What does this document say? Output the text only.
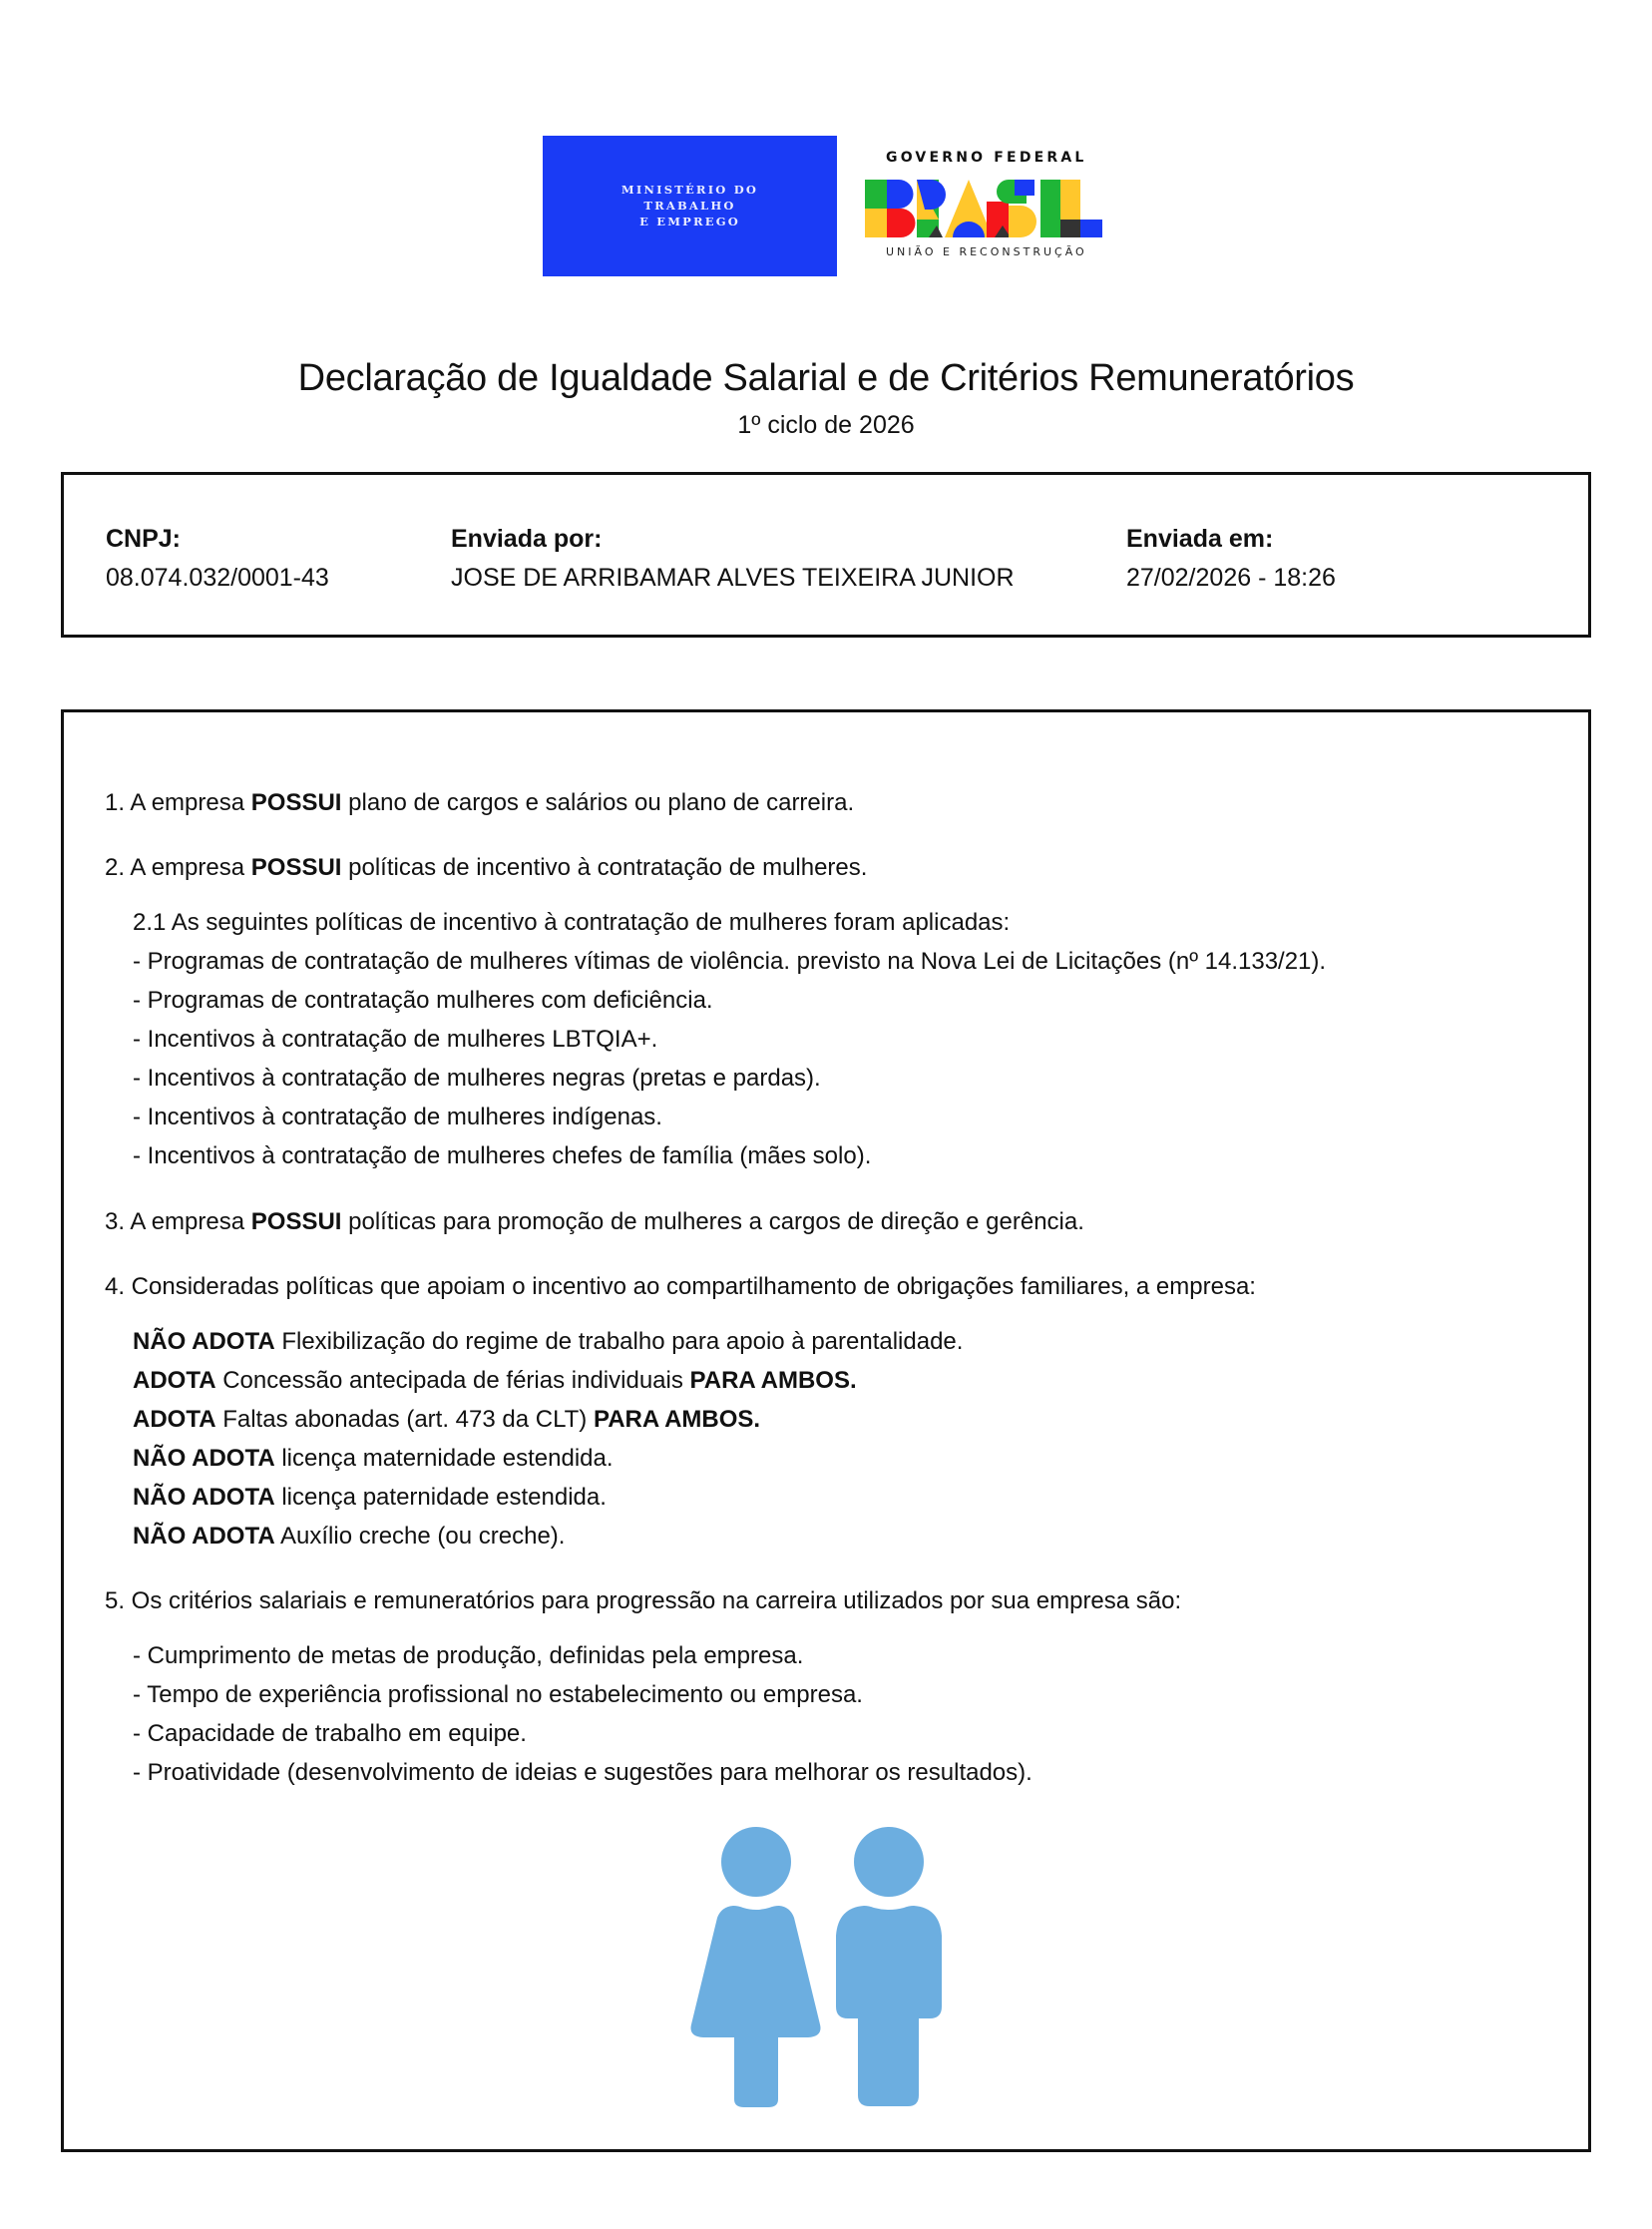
MINISTÉRIO DO
TRABALHO
E EMPREGO
GOVERNO FEDERAL
UNIÃO E RECONSTRUÇÃO
Declaração de Igualdade Salarial e de Critérios Remuneratórios
1º ciclo de 2026
CNPJ:
08.074.032/0001-43
Enviada por:
JOSE DE ARRIBAMAR ALVES TEIXEIRA JUNIOR
Enviada em:
27/02/2026 - 18:26
1. A empresa POSSUI plano de cargos e salários ou plano de carreira.
2. A empresa POSSUI políticas de incentivo à contratação de mulheres.
2.1 As seguintes políticas de incentivo à contratação de mulheres foram aplicadas:
- Programas de contratação de mulheres vítimas de violência. previsto na Nova Lei de Licitações (nº 14.133/21).
- Programas de contratação mulheres com deficiência.
- Incentivos à contratação de mulheres LBTQIA+.
- Incentivos à contratação de mulheres negras (pretas e pardas).
- Incentivos à contratação de mulheres indígenas.
- Incentivos à contratação de mulheres chefes de família (mães solo).
3. A empresa POSSUI políticas para promoção de mulheres a cargos de direção e gerência.
4. Consideradas políticas que apoiam o incentivo ao compartilhamento de obrigações familiares, a empresa:
NÃO ADOTA Flexibilização do regime de trabalho para apoio à parentalidade.
ADOTA Concessão antecipada de férias individuais PARA AMBOS.
ADOTA Faltas abonadas (art. 473 da CLT) PARA AMBOS.
NÃO ADOTA licença maternidade estendida.
NÃO ADOTA licença paternidade estendida.
NÃO ADOTA Auxílio creche (ou creche).
5. Os critérios salariais e remuneratórios para progressão na carreira utilizados por sua empresa são:
- Cumprimento de metas de produção, definidas pela empresa.
- Tempo de experiência profissional no estabelecimento ou empresa.
- Capacidade de trabalho em equipe.
- Proatividade (desenvolvimento de ideias e sugestões para melhorar os resultados).
